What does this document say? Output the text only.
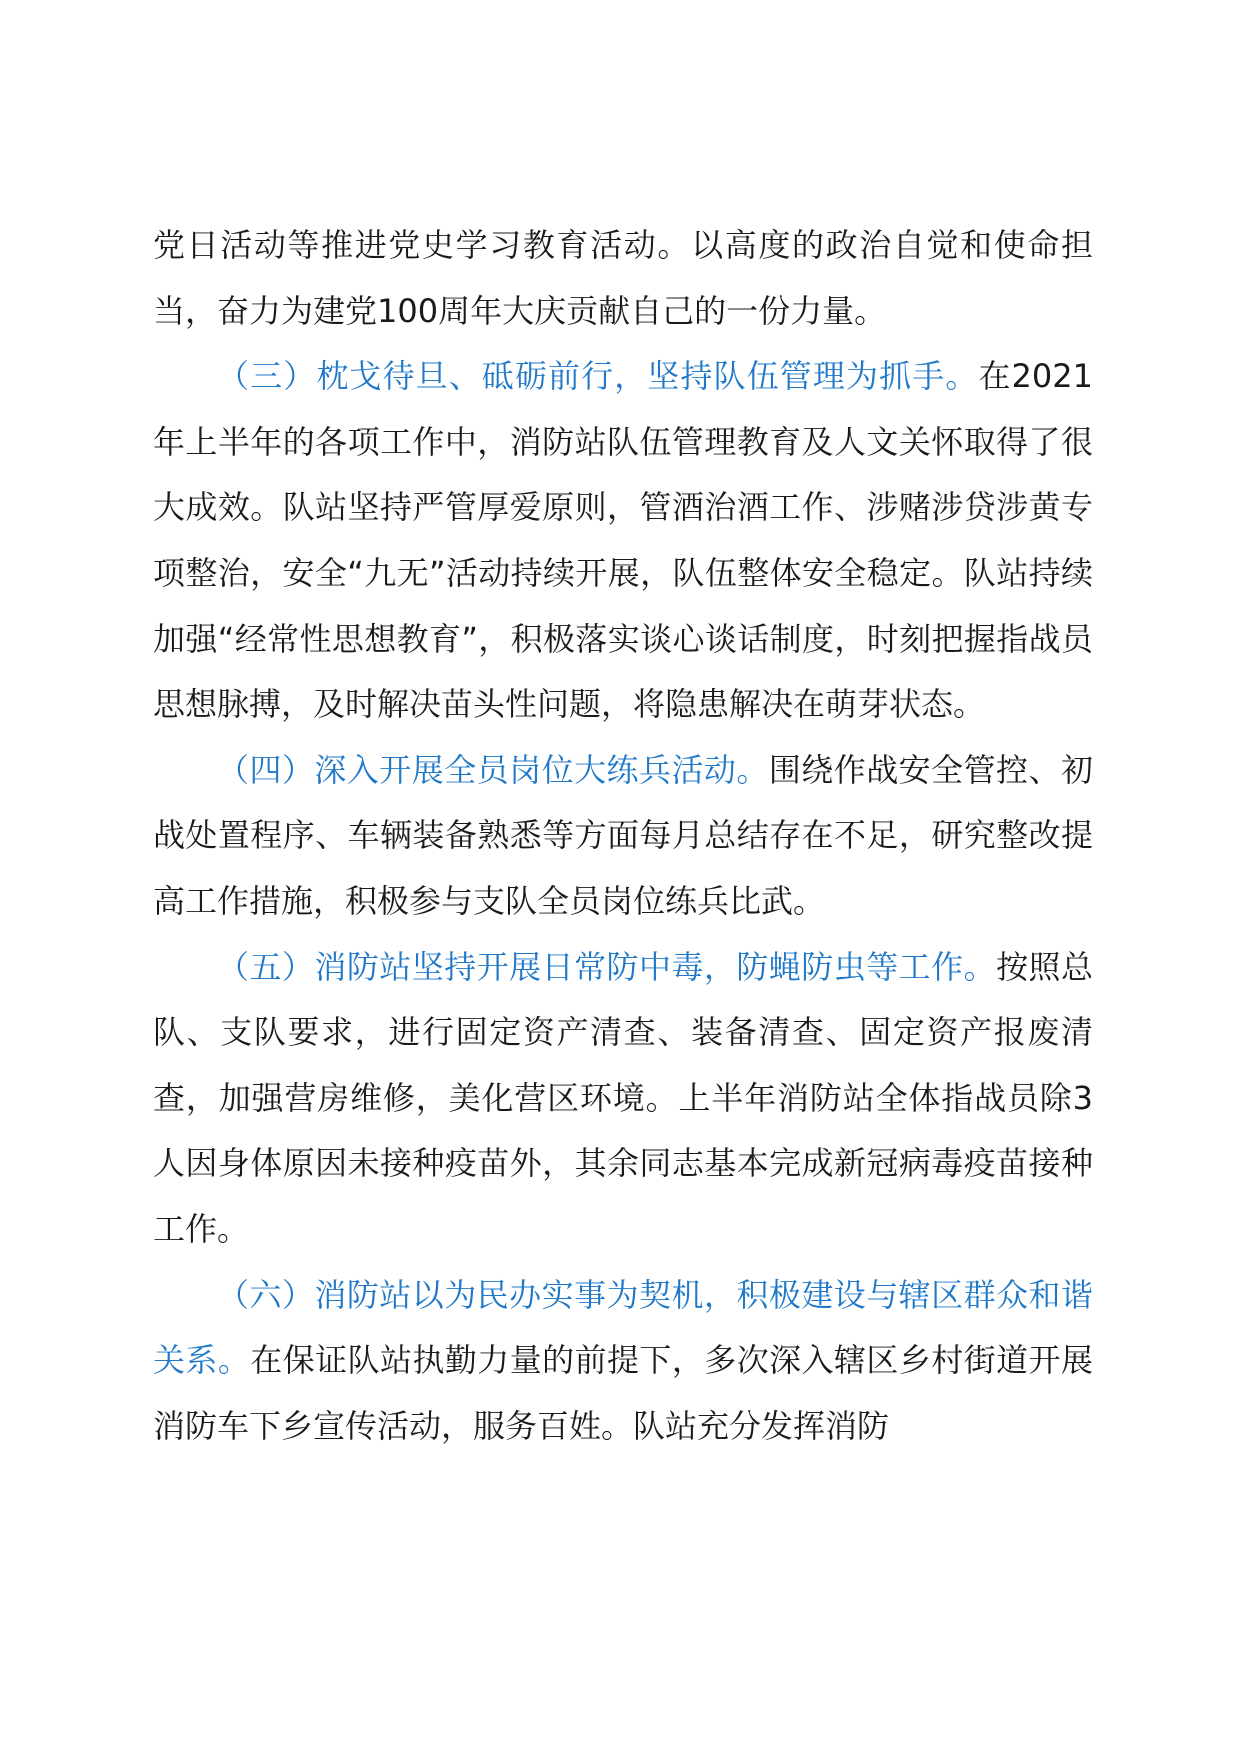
党日活动等推进党史学习教育活动。以高度的政治自觉和使命担当，奋力为建党100周年大庆贡献自己的一份力量。

（三）枕戈待旦、砥砺前行，坚持队伍管理为抓手。在2021年上半年的各项工作中，消防站队伍管理教育及人文关怀取得了很大成效。队站坚持严管厚爱原则，管酒治酒工作、涉赌涉贷涉黄专项整治，安全“九无”活动持续开展，队伍整体安全稳定。队站持续加强“经常性思想教育”，积极落实谈心谈话制度，时刻把握指战员思想脉搏，及时解决苗头性问题，将隐患解决在萌芽状态。

（四）深入开展全员岗位大练兵活动。围绕作战安全管控、初战处置程序、车辆装备熟悉等方面每月总结存在不足，研究整改提高工作措施，积极参与支队全员岗位练兵比武。

（五）消防站坚持开展日常防中毒，防蝇防虫等工作。按照总队、支队要求，进行固定资产清查、装备清查、固定资产报废清查，加强营房维修，美化营区环境。上半年消防站全体指战员除3人因身体原因未接种疫苗外，其余同志基本完成新冠病毒疫苗接种工作。

（六）消防站以为民办实事为契机，积极建设与辖区群众和谐关系。在保证队站执勤力量的前提下，多次深入辖区乡村街道开展消防车下乡宣传活动，服务百姓。队站充分发挥消防
